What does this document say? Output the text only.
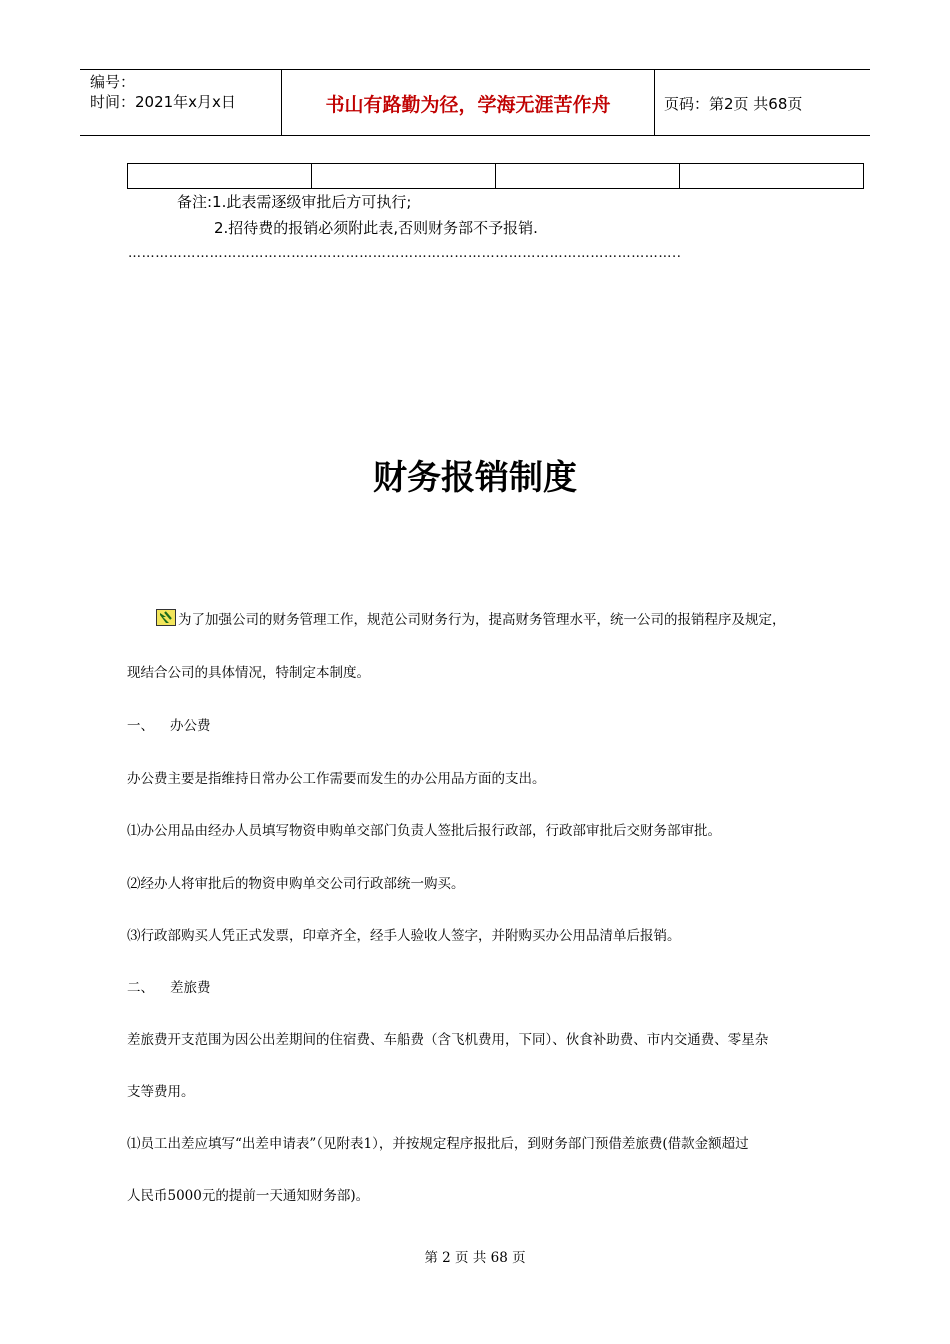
编号：
时间：2021年x月x日	书山有路勤为径，学海无涯苦作舟	页码：第2页 共68页
备注:1.此表需逐级审批后方可执行;
2.招待费的报销必须附此表,否则财务部不予报销.
…………………………………………………………………………………………………………..
财务报销制度
为了加强公司的财务管理工作，规范公司财务行为，提高财务管理水平，统一公司的报销程序及规定，
现结合公司的具体情况，特制定本制度。
一、 办公费
办公费主要是指维持日常办公工作需要而发生的办公用品方面的支出。
⑴办公用品由经办人员填写物资申购单交部门负责人签批后报行政部，行政部审批后交财务部审批。
⑵经办人将审批后的物资申购单交公司行政部统一购买。
⑶行政部购买人凭正式发票，印章齐全，经手人验收人签字，并附购买办公用品清单后报销。
二、 差旅费
差旅费开支范围为因公出差期间的住宿费、车船费（含飞机费用，下同）、伙食补助费、市内交通费、零星杂
支等费用。
⑴员工出差应填写“出差申请表”（见附表1），并按规定程序报批后，到财务部门预借差旅费(借款金额超过
人民币5000元的提前一天通知财务部)。
第 2 页 共 68 页
